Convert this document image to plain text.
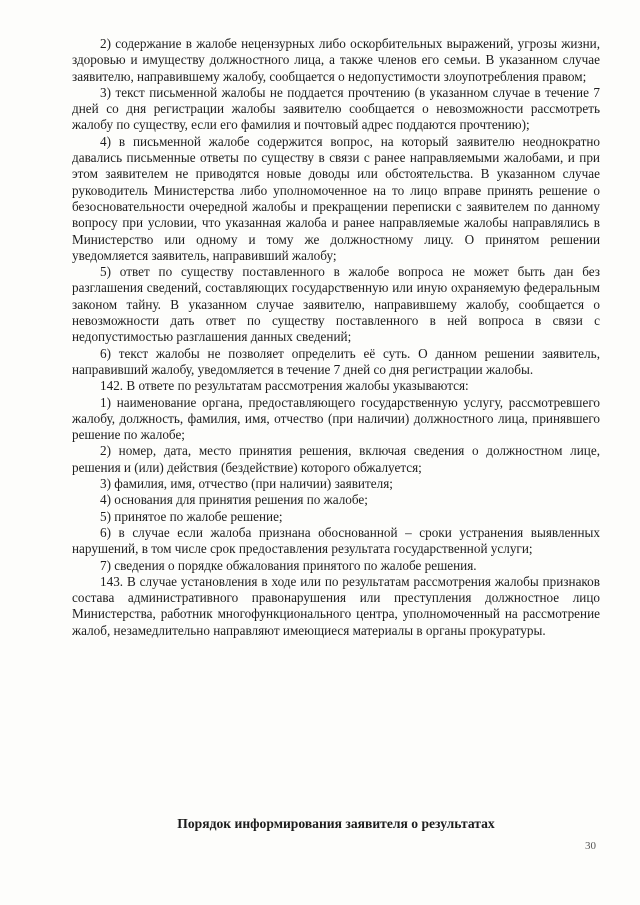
2) содержание в жалобе нецензурных либо оскорбительных выражений, угрозы жизни, здоровью и имуществу должностного лица, а также членов его семьи. В указанном случае заявителю, направившему жалобу, сообщается о недопустимости злоупотребления правом;

3) текст письменной жалобы не поддается прочтению (в указанном случае в течение 7 дней со дня регистрации жалобы заявителю сообщается о невозможности рассмотреть жалобу по существу, если его фамилия и почтовый адрес поддаются прочтению);

4) в письменной жалобе содержится вопрос, на который заявителю неоднократно давались письменные ответы по существу в связи с ранее направляемыми жалобами, и при этом заявителем не приводятся новые доводы или обстоятельства. В указанном случае руководитель Министерства либо уполномоченное на то лицо вправе принять решение о безосновательности очередной жалобы и прекращении переписки с заявителем по данному вопросу при условии, что указанная жалоба и ранее направляемые жалобы направлялись в Министерство или одному и тому же должностному лицу. О принятом решении уведомляется заявитель, направивший жалобу;

5) ответ по существу поставленного в жалобе вопроса не может быть дан без разглашения сведений, составляющих государственную или иную охраняемую федеральным законом тайну. В указанном случае заявителю, направившему жалобу, сообщается о невозможности дать ответ по существу поставленного в ней вопроса в связи с недопустимостью разглашения данных сведений;

6) текст жалобы не позволяет определить её суть. О данном решении заявитель, направивший жалобу, уведомляется в течение 7 дней со дня регистрации жалобы.

142. В ответе по результатам рассмотрения жалобы указываются:

1) наименование органа, предоставляющего государственную услугу, рассмотревшего жалобу, должность, фамилия, имя, отчество (при наличии) должностного лица, принявшего решение по жалобе;

2) номер, дата, место принятия решения, включая сведения о должностном лице, решения и (или) действия (бездействие) которого обжалуется;

3) фамилия, имя, отчество (при наличии) заявителя;

4) основания для принятия решения по жалобе;

5) принятое по жалобе решение;

6) в случае если жалоба признана обоснованной – сроки устранения выявленных нарушений, в том числе срок предоставления результата государственной услуги;

7) сведения о порядке обжалования принятого по жалобе решения.

143. В случае установления в ходе или по результатам рассмотрения жалобы признаков состава административного правонарушения или преступления должностное лицо Министерства, работник многофункционального центра, уполномоченный на рассмотрение жалоб, незамедлительно направляют имеющиеся материалы в органы прокуратуры.

Порядок информирования заявителя о результатах
30
